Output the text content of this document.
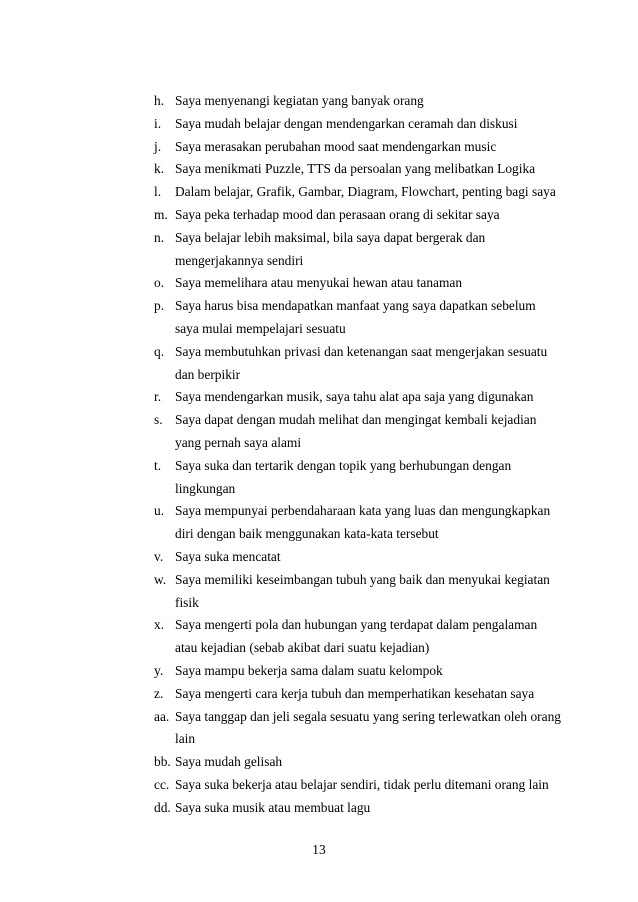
h. Saya menyenangi kegiatan yang banyak orang
i.	Saya mudah belajar dengan mendengarkan ceramah dan diskusi
j.	Saya merasakan perubahan mood saat mendengarkan music
k. Saya menikmati Puzzle, TTS da persoalan yang melibatkan Logika
l.	Dalam belajar, Grafik, Gambar, Diagram, Flowchart, penting bagi saya
m. Saya peka terhadap mood dan perasaan orang di sekitar saya
n. Saya belajar lebih maksimal, bila saya dapat bergerak dan
mengerjakannya sendiri
o. Saya memelihara atau menyukai hewan atau tanaman
p. Saya harus bisa mendapatkan manfaat yang saya dapatkan sebelum
saya mulai mempelajari sesuatu
q. Saya membutuhkan privasi dan ketenangan saat mengerjakan sesuatu
dan berpikir
r.	Saya mendengarkan musik, saya tahu alat apa saja yang digunakan
s. Saya dapat dengan mudah melihat dan mengingat kembali kejadian
yang pernah saya alami
t.	Saya suka dan tertarik dengan topik yang berhubungan dengan
lingkungan
u. Saya mempunyai perbendaharaan kata yang luas dan mengungkapkan
diri dengan baik menggunakan kata-kata tersebut
v. Saya suka mencatat
w. Saya memiliki keseimbangan tubuh yang baik dan menyukai kegiatan
fisik
x. Saya mengerti pola dan hubungan yang terdapat dalam pengalaman
atau kejadian (sebab akibat dari suatu kejadian)
y. Saya mampu bekerja sama dalam suatu kelompok
z. Saya mengerti cara kerja tubuh dan memperhatikan kesehatan saya
aa. Saya tanggap dan jeli segala sesuatu yang sering terlewatkan oleh orang
lain
bb. Saya mudah gelisah
cc. Saya suka bekerja atau belajar sendiri, tidak perlu ditemani orang lain
dd. Saya suka musik atau membuat lagu
13
